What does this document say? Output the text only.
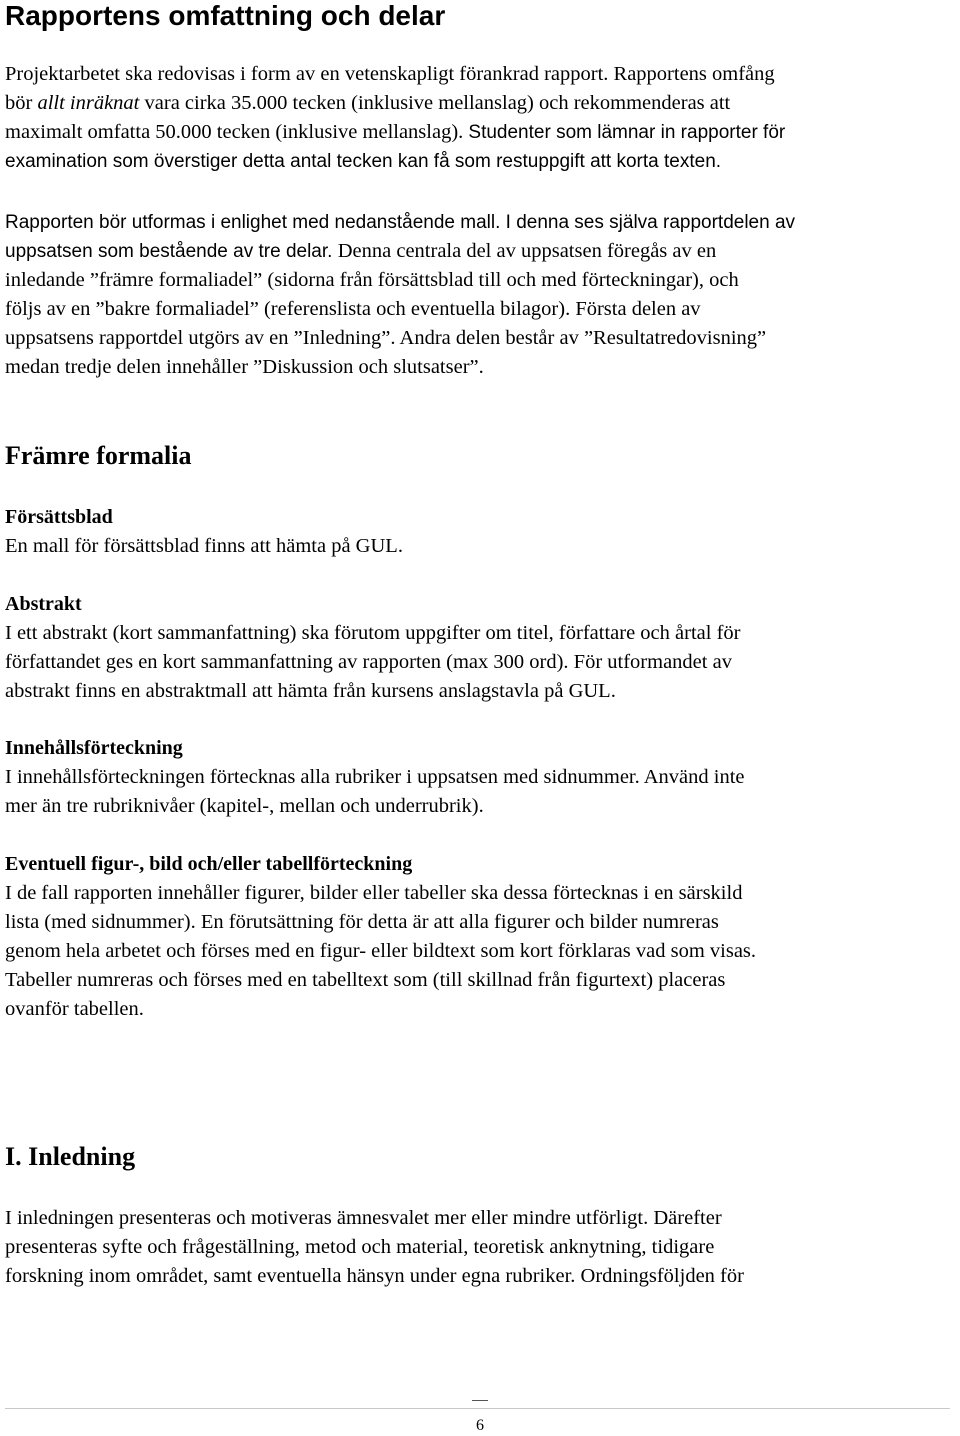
Rapportens omfattning och delar
Projektarbetet ska redovisas i form av en vetenskapligt förankrad rapport. Rapportens omfång
bör allt inräknat vara cirka 35.000 tecken (inklusive mellanslag) och rekommenderas att
maximalt omfatta 50.000 tecken (inklusive mellanslag). Studenter som lämnar in rapporter för
examination som överstiger detta antal tecken kan få som restuppgift att korta texten.
Rapporten bör utformas i enlighet med nedanstående mall. I denna ses själva rapportdelen av
uppsatsen som bestående av tre delar. Denna centrala del av uppsatsen föregås av en
inledande ”främre formaliadel” (sidorna från försättsblad till och med förteckningar), och
följs av en ”bakre formaliadel” (referenslista och eventuella bilagor). Första delen av
uppsatsens rapportdel utgörs av en ”Inledning”. Andra delen består av ”Resultatredovisning”
medan tredje delen innehåller ”Diskussion och slutsatser”.
Främre formalia
Försättsblad
En mall för försättsblad finns att hämta på GUL.
Abstrakt
I ett abstrakt (kort sammanfattning) ska förutom uppgifter om titel, författare och årtal för
författandet ges en kort sammanfattning av rapporten (max 300 ord). För utformandet av
abstrakt finns en abstraktmall att hämta från kursens anslagstavla på GUL.
Innehållsförteckning
I innehållsförteckningen förtecknas alla rubriker i uppsatsen med sidnummer. Använd inte
mer än tre rubriknivåer (kapitel-, mellan och underrubrik).
Eventuell figur-, bild och/eller tabellförteckning
I de fall rapporten innehåller figurer, bilder eller tabeller ska dessa förtecknas i en särskild
lista (med sidnummer). En förutsättning för detta är att alla figurer och bilder numreras
genom hela arbetet och förses med en figur- eller bildtext som kort förklaras vad som visas.
Tabeller numreras och förses med en tabelltext som (till skillnad från figurtext) placeras
ovanför tabellen.
I. Inledning
I inledningen presenteras och motiveras ämnesvalet mer eller mindre utförligt. Därefter
presenteras syfte och frågeställning, metod och material, teoretisk anknytning, tidigare
forskning inom området, samt eventuella hänsyn under egna rubriker. Ordningsföljden för
6
